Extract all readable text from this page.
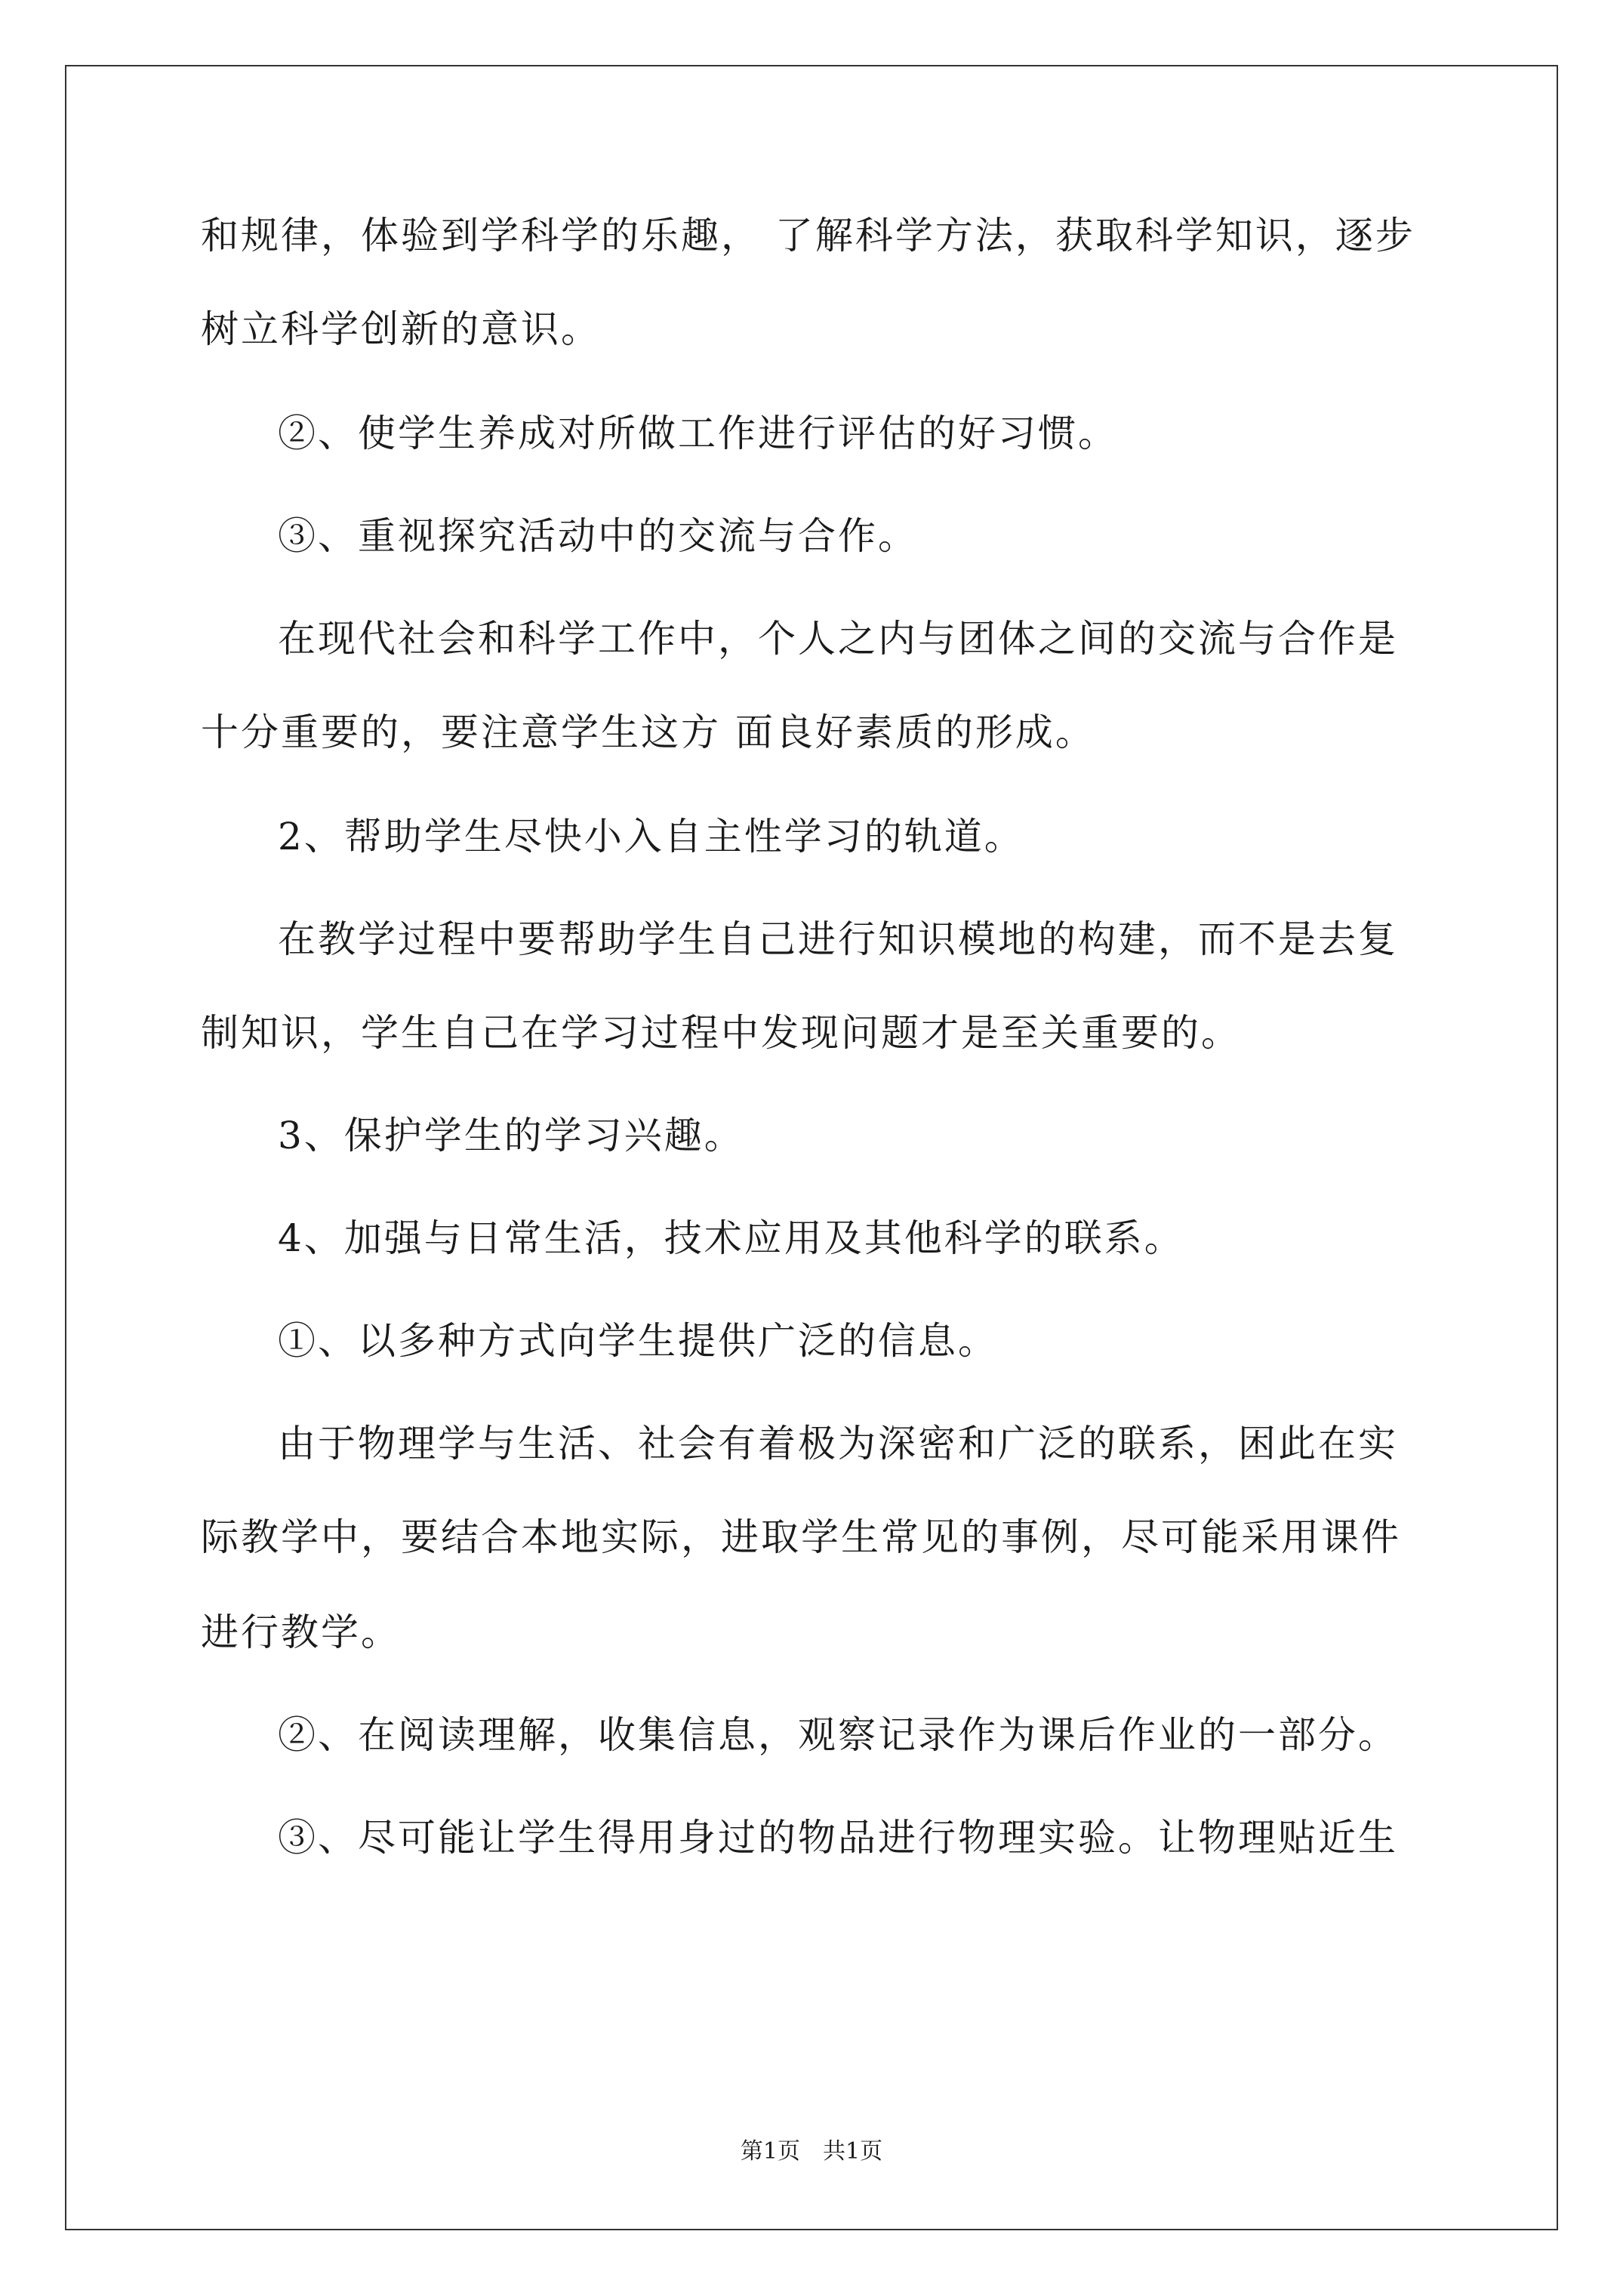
和规律，体验到学科学的乐趣， 了解科学方法，获取科学知识，逐步
树立科学创新的意识。
②、使学生养成对所做工作进行评估的好习惯。
③、重视探究活动中的交流与合作。
在现代社会和科学工作中，个人之内与团体之间的交流与合作是
十分重要的，要注意学生这方 面良好素质的形成。
2、帮助学生尽快小入自主性学习的轨道。
在教学过程中要帮助学生自己进行知识模地的构建，而不是去复
制知识，学生自己在学习过程中发现问题才是至关重要的。
3、保护学生的学习兴趣。
4、加强与日常生活，技术应用及其他科学的联系。
①、以多种方式向学生提供广泛的信息。
由于物理学与生活、社会有着极为深密和广泛的联系，困此在实
际教学中，要结合本地实际，进取学生常见的事例，尽可能采用课件
进行教学。
②、在阅读理解，收集信息，观察记录作为课后作业的一部分。
③、尽可能让学生得用身过的物品进行物理实验。让物理贴近生
第1页　共1页
